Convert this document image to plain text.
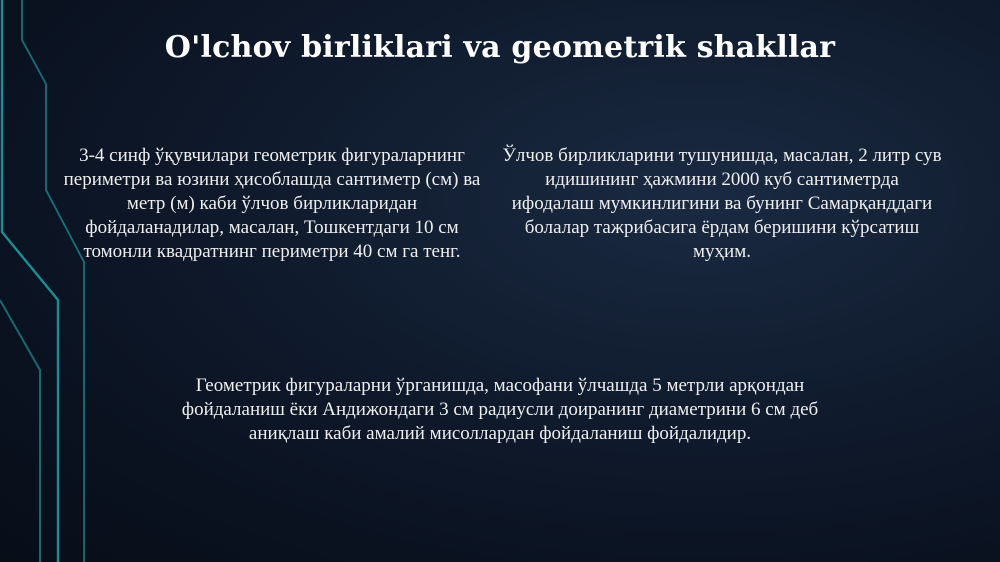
O'lchov birliklari va geometrik shakllar
3-4 синф ўқувчилари геометрик фигураларнинг периметри ва юзини ҳисоблашда сантиметр (см) ва метр (м) каби ўлчов бирликларидан фойдаланадилар, масалан, Тошкентдаги 10 см томонли квадратнинг периметри 40 см га тенг.
Ўлчов бирликларини тушунишда, масалан, 2 литр сув идишининг ҳажмини 2000 куб сантиметрда ифодалаш мумкинлигини ва бунинг Самарқанддаги болалар тажрибасига ёрдам беришини кўрсатиш муҳим.
Геометрик фигураларни ўрганишда, масофани ўлчашда 5 метрли арқондан фойдаланиш ёки Андижондаги 3 см радиусли доиранинг диаметрини 6 см деб аниқлаш каби амалий мисоллардан фойдаланиш фойдалидир.
